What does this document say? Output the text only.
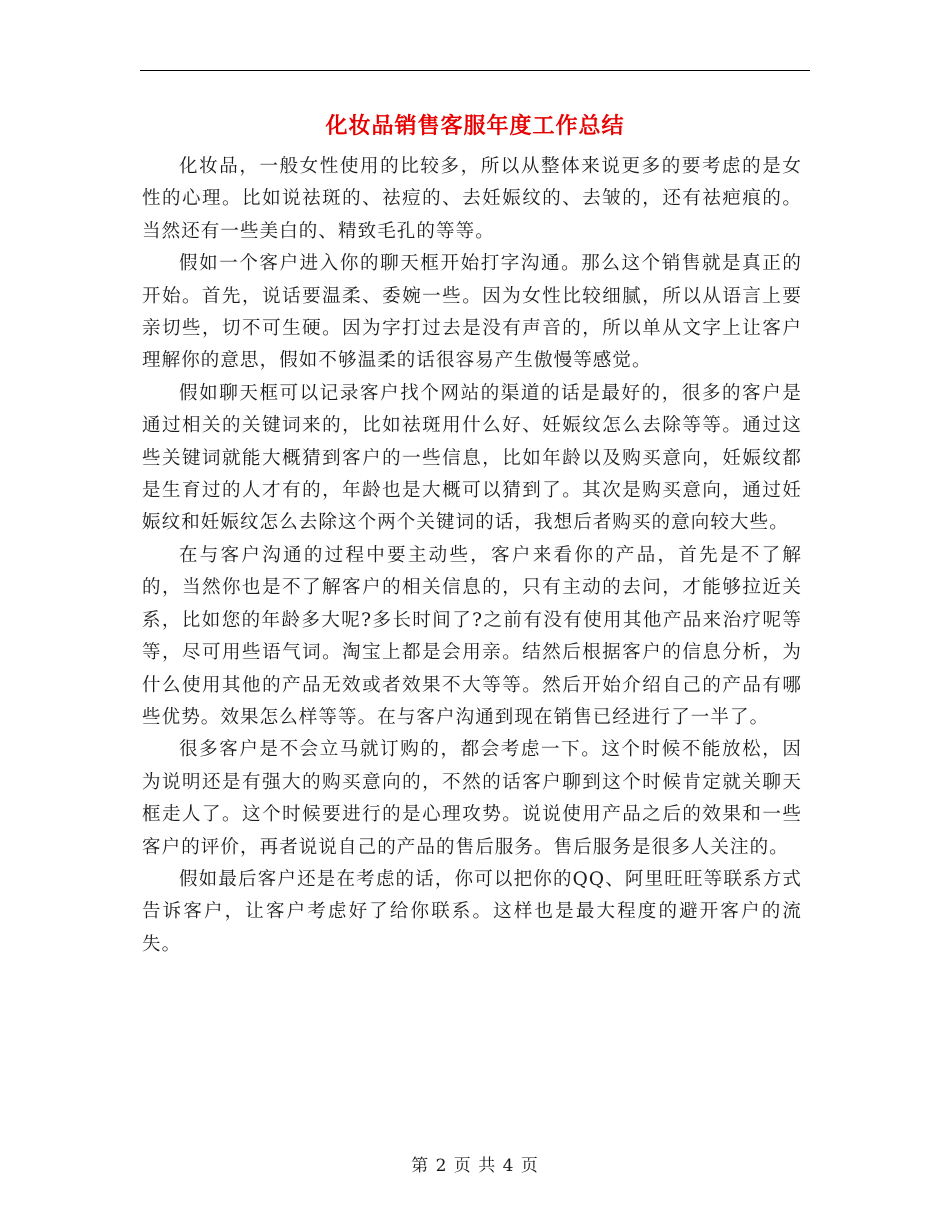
化妆品销售客服年度工作总结

化妆品，一般女性使用的比较多，所以从整体来说更多的要考虑的是女性的心理。比如说祛斑的、祛痘的、去妊娠纹的、去皱的，还有祛疤痕的。当然还有一些美白的、精致毛孔的等等。

假如一个客户进入你的聊天框开始打字沟通。那么这个销售就是真正的开始。首先，说话要温柔、委婉一些。因为女性比较细腻，所以从语言上要亲切些，切不可生硬。因为字打过去是没有声音的，所以单从文字上让客户理解你的意思，假如不够温柔的话很容易产生傲慢等感觉。

假如聊天框可以记录客户找个网站的渠道的话是最好的，很多的客户是通过相关的关键词来的，比如祛斑用什么好、妊娠纹怎么去除等等。通过这些关键词就能大概猜到客户的一些信息，比如年龄以及购买意向，妊娠纹都是生育过的人才有的，年龄也是大概可以猜到了。其次是购买意向，通过妊娠纹和妊娠纹怎么去除这个两个关键词的话，我想后者购买的意向较大些。

在与客户沟通的过程中要主动些，客户来看你的产品，首先是不了解的，当然你也是不了解客户的相关信息的，只有主动的去问，才能够拉近关系，比如您的年龄多大呢?多长时间了?之前有没有使用其他产品来治疗呢等等，尽可用些语气词。淘宝上都是会用亲。结然后根据客户的信息分析，为什么使用其他的产品无效或者效果不大等等。然后开始介绍自己的产品有哪些优势。效果怎么样等等。在与客户沟通到现在销售已经进行了一半了。

很多客户是不会立马就订购的，都会考虑一下。这个时候不能放松，因为说明还是有强大的购买意向的，不然的话客户聊到这个时候肯定就关聊天框走人了。这个时候要进行的是心理攻势。说说使用产品之后的效果和一些客户的评价，再者说说自己的产品的售后服务。售后服务是很多人关注的。

假如最后客户还是在考虑的话，你可以把你的QQ、阿里旺旺等联系方式告诉客户，让客户考虑好了给你联系。这样也是最大程度的避开客户的流失。

第 2 页 共 4 页
